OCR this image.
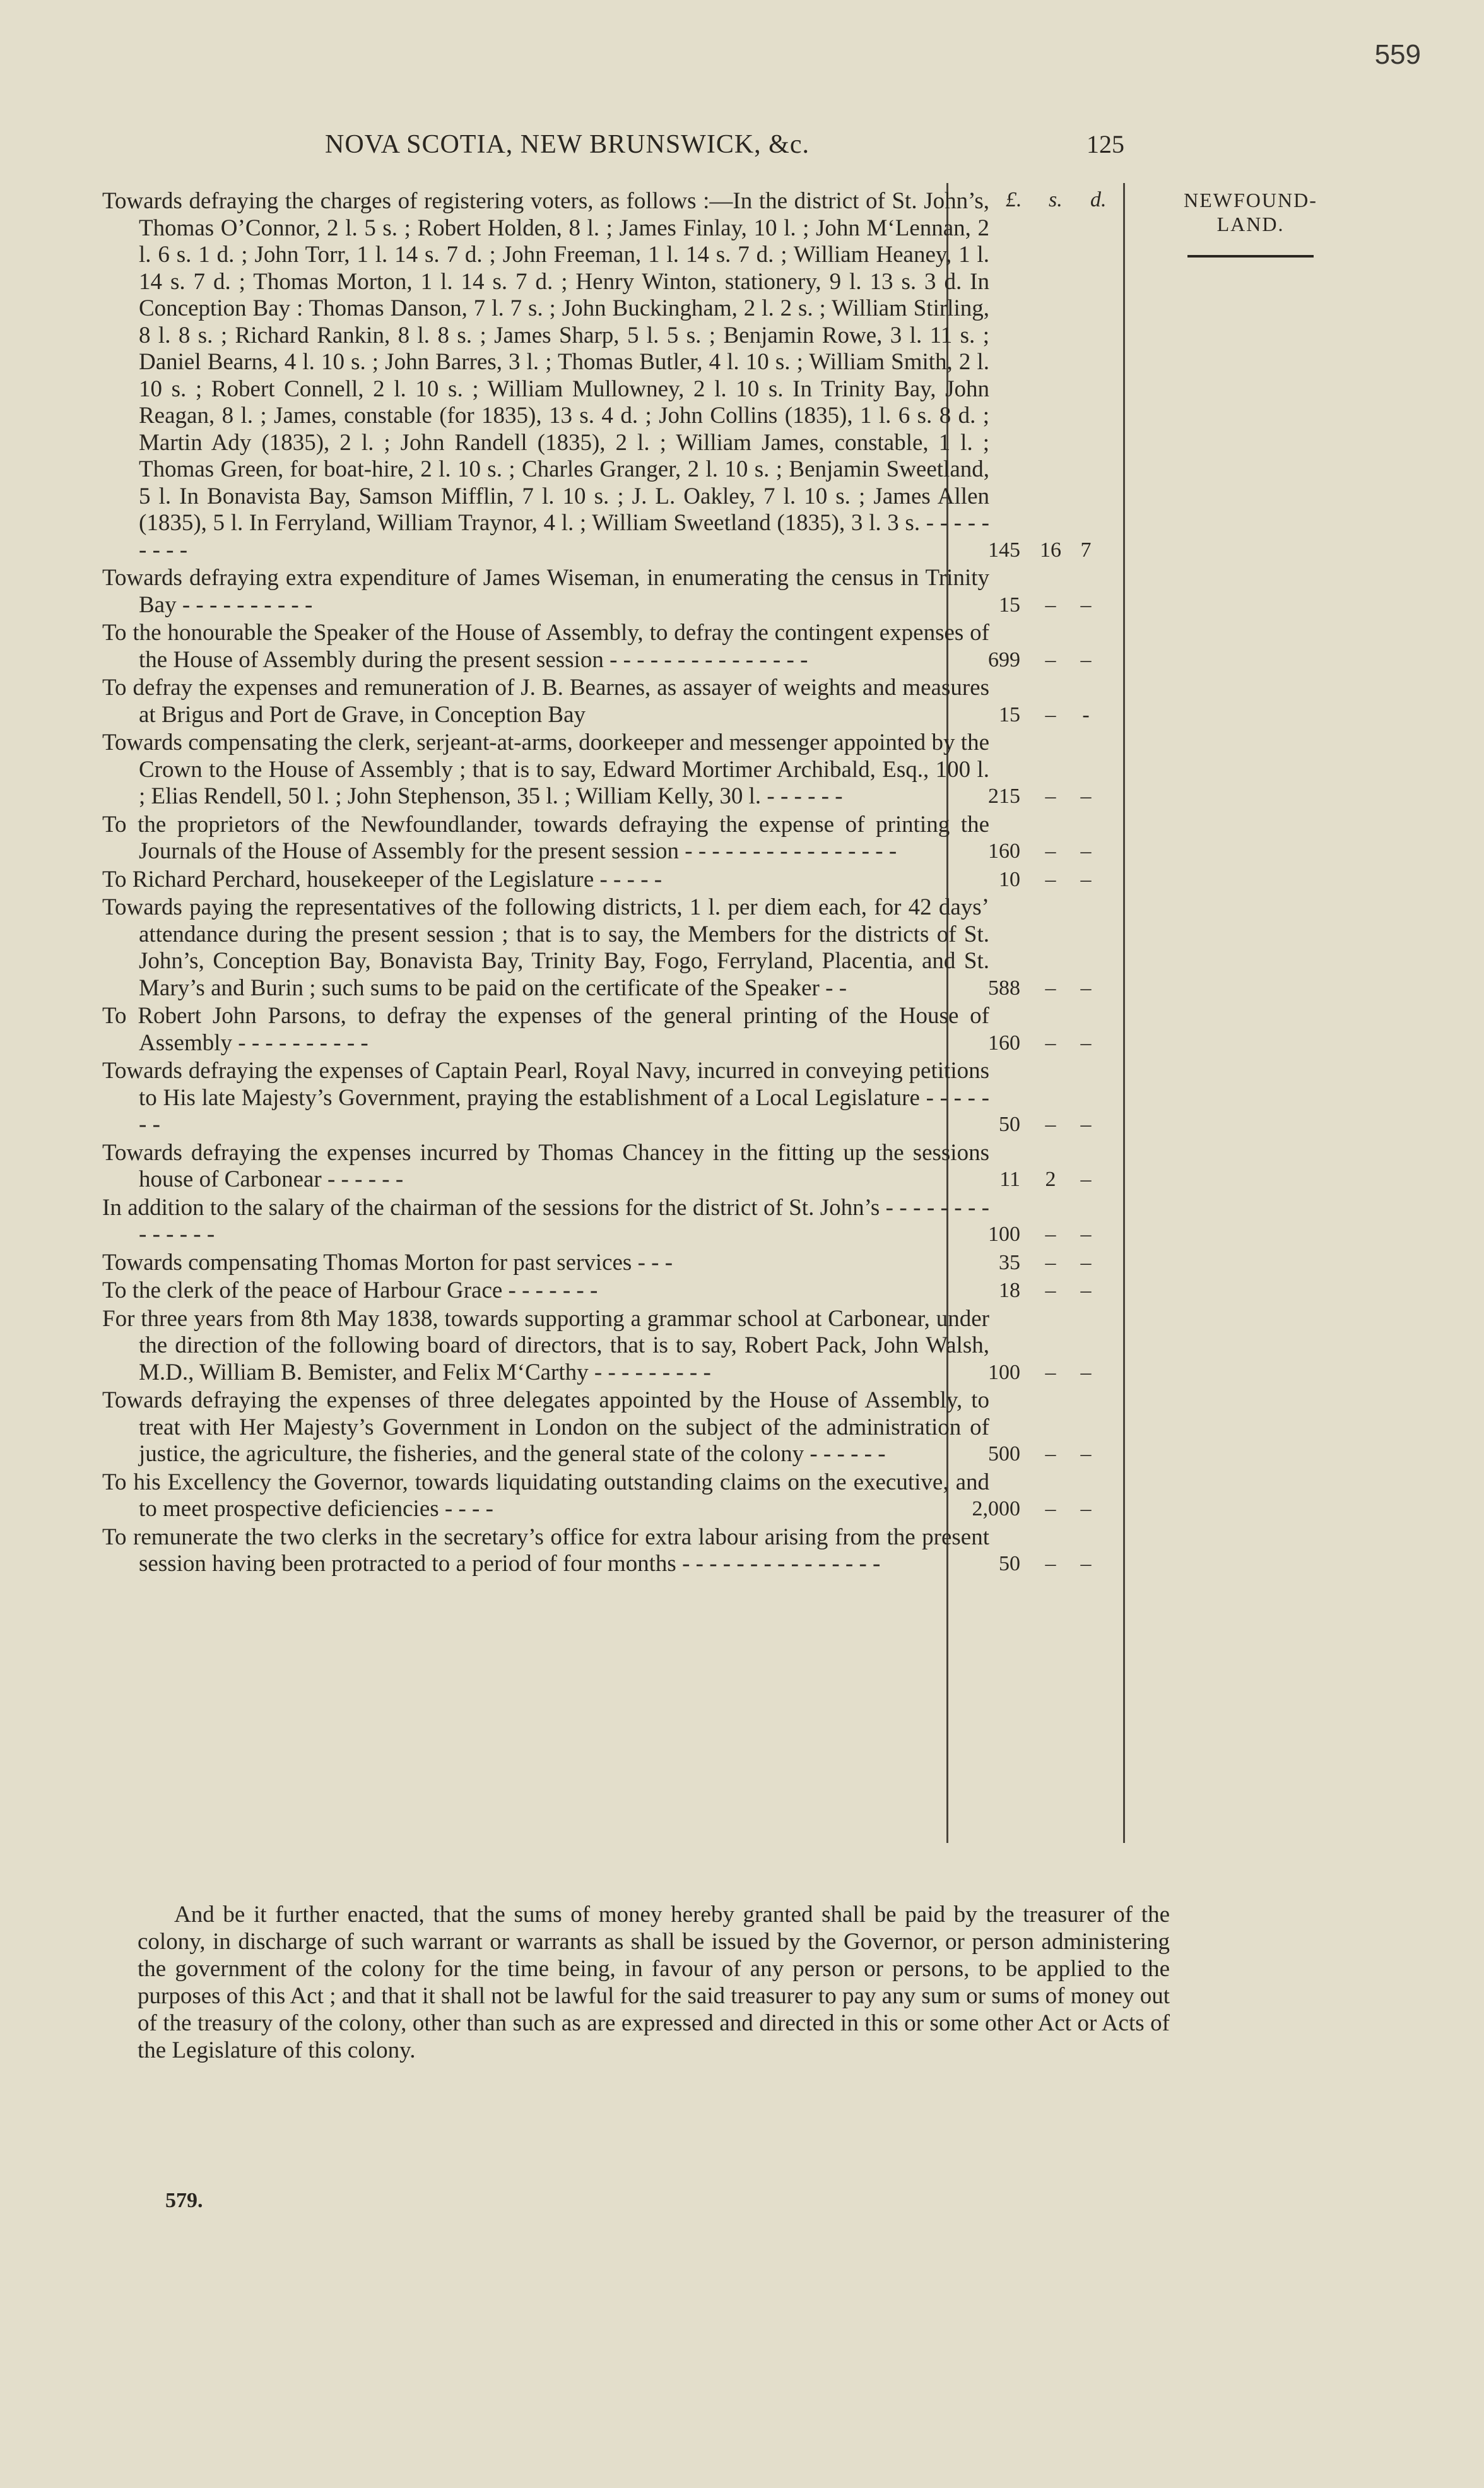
559
NOVA SCOTIA, NEW BRUNSWICK, &c.	125
NEWFOUND-LAND.
£. s. d.
Towards defraying the charges of registering voters, as follows :—In the district of St. John’s, Thomas O’Connor, 2 l. 5 s. ; Robert Holden, 8 l. ; James Finlay, 10 l. ; John M‘Lennan, 2 l. 6 s. 1 d. ; John Torr, 1 l. 14 s. 7 d. ; John Freeman, 1 l. 14 s. 7 d. ; William Heaney, 1 l. 14 s. 7 d. ; Thomas Morton, 1 l. 14 s. 7 d. ; Henry Winton, stationery, 9 l. 13 s. 3 d. In Conception Bay : Thomas Danson, 7 l. 7 s. ; John Buckingham, 2 l. 2 s. ; William Stirling, 8 l. 8 s. ; Richard Rankin, 8 l. 8 s. ; James Sharp, 5 l. 5 s. ; Benjamin Rowe, 3 l. 11 s. ; Daniel Bearns, 4 l. 10 s. ; John Barres, 3 l. ; Thomas Butler, 4 l. 10 s. ; William Smith, 2 l. 10 s. ; Robert Connell, 2 l. 10 s. ; William Mullowney, 2 l. 10 s. In Trinity Bay, John Reagan, 8 l. ; James, constable (for 1835), 13 s. 4 d. ; John Collins (1835), 1 l. 6 s. 8 d. ; Martin Ady (1835), 2 l. ; John Randell (1835), 2 l. ; William James, constable, 1 l. ; Thomas Green, for boat-hire, 2 l. 10 s. ; Charles Granger, 2 l. 10 s. ; Benjamin Sweetland, 5 l. In Bonavista Bay, Samson Mifflin, 7 l. 10 s. ; J. L. Oakley, 7 l. 10 s. ; James Allen (1835), 5 l. In Ferryland, William Traynor, 4 l. ; William Sweetland (1835), 3 l. 3 s. - - - - - - - - -	145 16 7
Towards defraying extra expenditure of James Wiseman, in enumerating the census in Trinity Bay - - - - - - - - - -	15	–	–
To the honourable the Speaker of the House of Assembly, to defray the contingent expenses of the House of Assembly during the present session - - - - - - - - - - - - - - -	699	–	–
To defray the expenses and remuneration of J. B. Bearnes, as assayer of weights and measures at Brigus and Port de Grave, in Conception Bay	15	–	-
Towards compensating the clerk, serjeant-at-arms, doorkeeper and messenger appointed by the Crown to the House of Assembly ; that is to say, Edward Mortimer Archibald, Esq., 100 l. ; Elias Rendell, 50 l. ; John Stephenson, 35 l. ; William Kelly, 30 l. - - - - - -	215	–	–
To the proprietors of the Newfoundlander, towards defraying the expense of printing the Journals of the House of Assembly for the present session - - - - - - - - - - - - - - - -	160	–	–
To Richard Perchard, housekeeper of the Legislature - - - - -	10	–	–
Towards paying the representatives of the following districts, 1 l. per diem each, for 42 days’ attendance during the present session ; that is to say, the Members for the districts of St. John’s, Conception Bay, Bonavista Bay, Trinity Bay, Fogo, Ferryland, Placentia, and St. Mary’s and Burin ; such sums to be paid on the certificate of the Speaker - -	588	–	–
To Robert John Parsons, to defray the expenses of the general printing of the House of Assembly - - - - - - - - - -	160	–	–
Towards defraying the expenses of Captain Pearl, Royal Navy, incurred in conveying petitions to His late Majesty’s Government, praying the establishment of a Local Legislature - - - - - - -	50	–	–
Towards defraying the expenses incurred by Thomas Chancey in the fitting up the sessions house of Carbonear - - - - - -	11	2	–
In addition to the salary of the chairman of the sessions for the district of St. John’s - - - - - - - - - - - - - -	100	–	–
Towards compensating Thomas Morton for past services - - -	35	–	–
To the clerk of the peace of Harbour Grace - - - - - - -	18	–	–
For three years from 8th May 1838, towards supporting a grammar school at Carbonear, under the direction of the following board of directors, that is to say, Robert Pack, John Walsh, M.D., William B. Bemister, and Felix M‘Carthy - - - - - - - - -	100	–	–
Towards defraying the expenses of three delegates appointed by the House of Assembly, to treat with Her Majesty’s Government in London on the subject of the administration of justice, the agriculture, the fisheries, and the general state of the colony - - - - - -	500	–	–
To his Excellency the Governor, towards liquidating outstanding claims on the executive, and to meet prospective deficiencies - - - -	2,000	–	–
To remunerate the two clerks in the secretary’s office for extra labour arising from the present session having been protracted to a period of four months - - - - - - - - - - - - - - -	50	–	–
And be it further enacted, that the sums of money hereby granted shall be paid by the treasurer of the colony, in discharge of such warrant or warrants as shall be issued by the Governor, or person administering the government of the colony for the time being, in favour of any person or persons, to be applied to the purposes of this Act ; and that it shall not be lawful for the said treasurer to pay any sum or sums of money out of the treasury of the colony, other than such as are expressed and directed in this or some other Act or Acts of the Legislature of this colony.
579.
